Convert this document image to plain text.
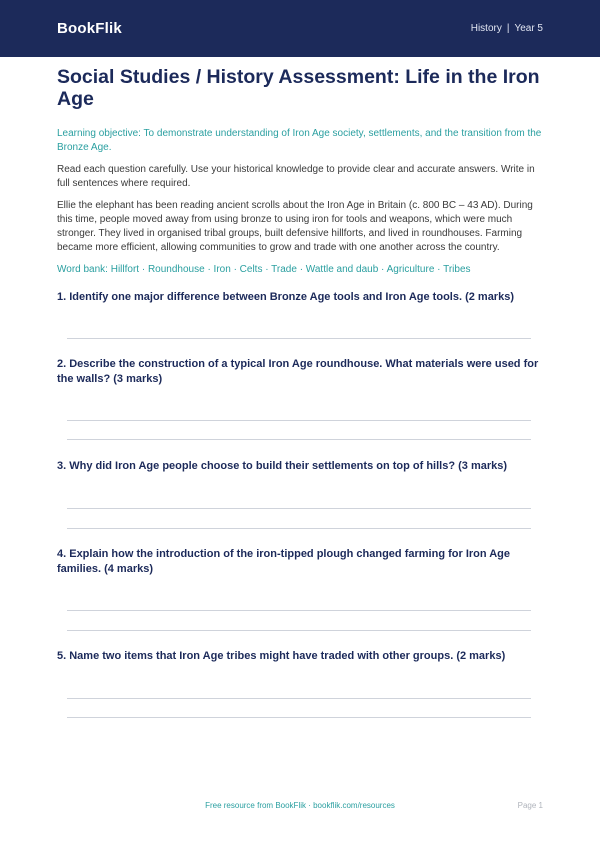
BookFlik	History | Year 5
Social Studies / History Assessment: Life in the Iron Age
Learning objective: To demonstrate understanding of Iron Age society, settlements, and the transition from the Bronze Age.
Read each question carefully. Use your historical knowledge to provide clear and accurate answers. Write in full sentences where required.
Ellie the elephant has been reading ancient scrolls about the Iron Age in Britain (c. 800 BC – 43 AD). During this time, people moved away from using bronze to using iron for tools and weapons, which were much stronger. They lived in organised tribal groups, built defensive hillforts, and lived in roundhouses. Farming became more efficient, allowing communities to grow and trade with one another across the country.
Word bank: Hillfort · Roundhouse · Iron · Celts · Trade · Wattle and daub · Agriculture · Tribes

1. Identify one major difference between Bronze Age tools and Iron Age tools. (2 marks)

2. Describe the construction of a typical Iron Age roundhouse. What materials were used for the walls? (3 marks)

3. Why did Iron Age people choose to build their settlements on top of hills? (3 marks)

4. Explain how the introduction of the iron-tipped plough changed farming for Iron Age families. (4 marks)

5. Name two items that Iron Age tribes might have traded with other groups. (2 marks)

Free resource from BookFlik · bookflik.com/resources	Page 1
